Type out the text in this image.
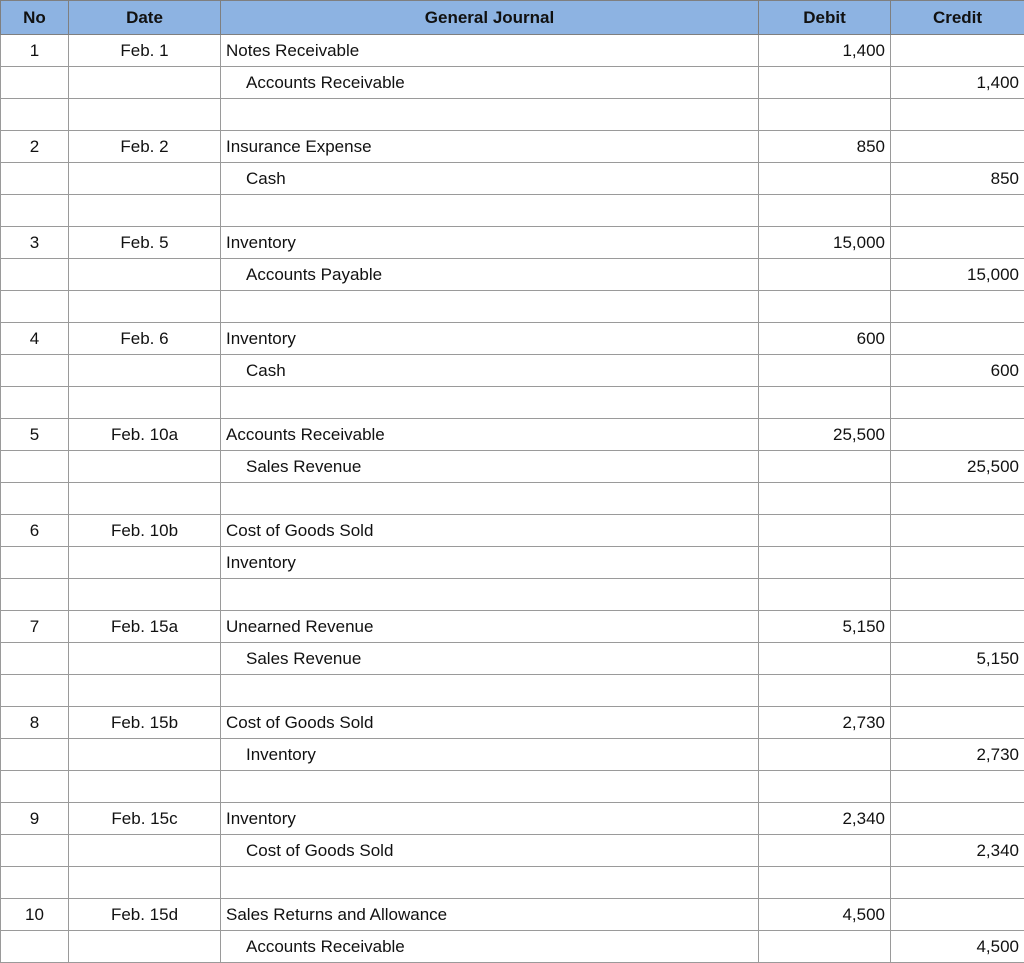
No	Date	General Journal	Debit	Credit
1	Feb. 1	Notes Receivable	1,400	
		Accounts Receivable		1,400

2	Feb. 2	Insurance Expense	850	
		Cash		850

3	Feb. 5	Inventory	15,000	
		Accounts Payable		15,000

4	Feb. 6	Inventory	600	
		Cash		600

5	Feb. 10a	Accounts Receivable	25,500	
		Sales Revenue		25,500

6	Feb. 10b	Cost of Goods Sold		
		Inventory		

7	Feb. 15a	Unearned Revenue	5,150	
		Sales Revenue		5,150

8	Feb. 15b	Cost of Goods Sold	2,730	
		Inventory		2,730

9	Feb. 15c	Inventory	2,340	
		Cost of Goods Sold		2,340

10	Feb. 15d	Sales Returns and Allowance	4,500	
		Accounts Receivable		4,500
